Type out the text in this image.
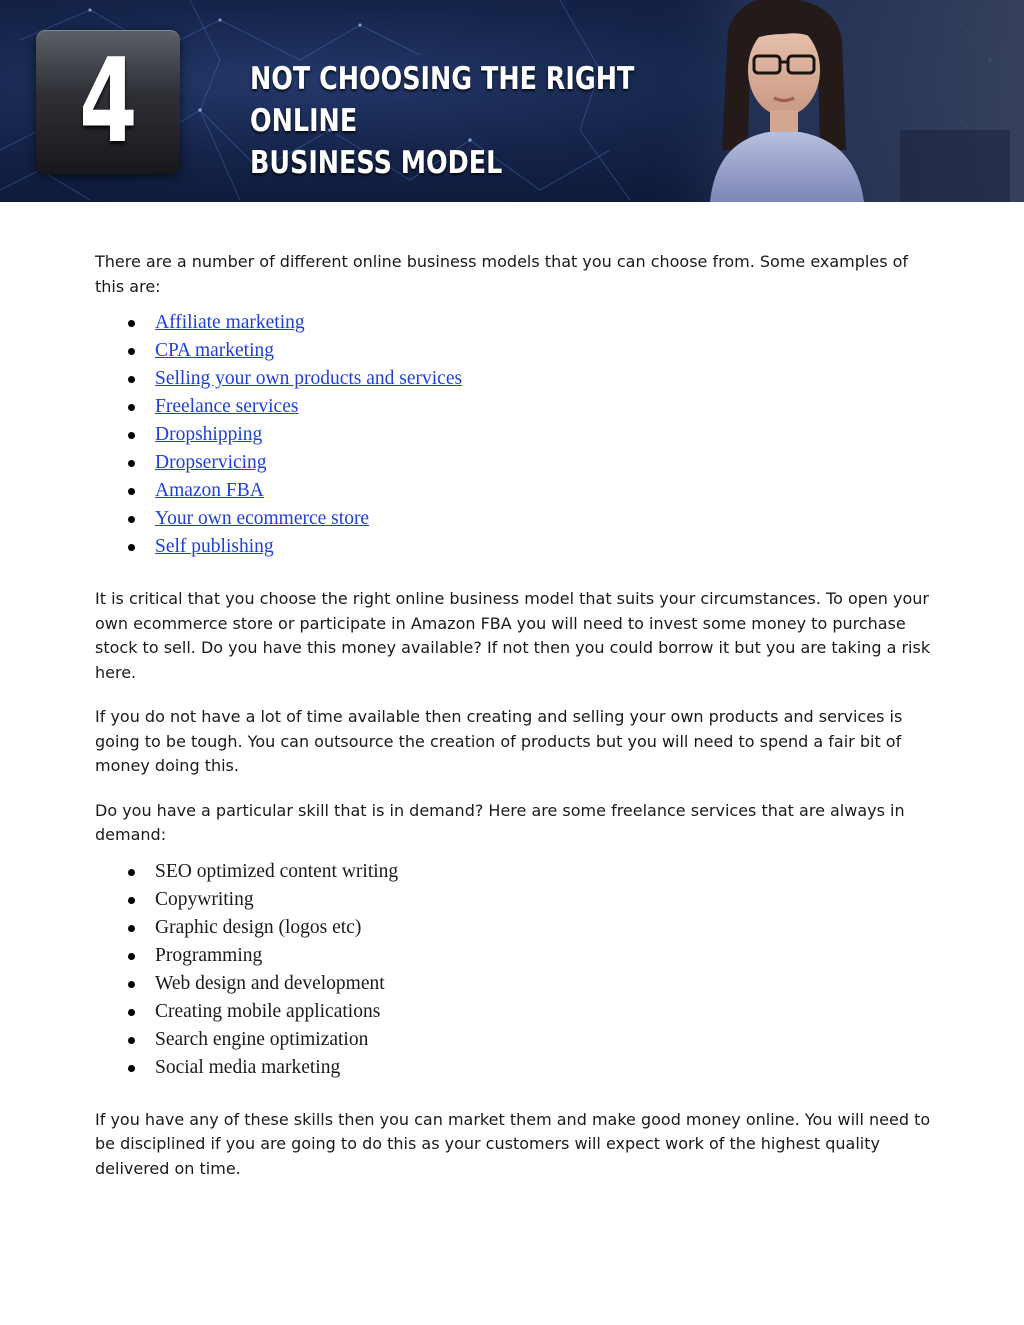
4	NOT CHOOSING THE RIGHT ONLINE
BUSINESS MODEL

There are a number of different online business models that you can choose from. Some examples of this are:

Affiliate marketing
CPA marketing
Selling your own products and services
Freelance services
Dropshipping
Dropservicing
Amazon FBA
Your own ecommerce store
Self publishing

It is critical that you choose the right online business model that suits your circumstances. To open your own ecommerce store or participate in Amazon FBA you will need to invest some money to purchase stock to sell. Do you have this money available? If not then you could borrow it but you are taking a risk here.

If you do not have a lot of time available then creating and selling your own products and services is going to be tough. You can outsource the creation of products but you will need to spend a fair bit of money doing this.

Do you have a particular skill that is in demand? Here are some freelance services that are always in demand:

SEO optimized content writing
Copywriting
Graphic design (logos etc)
Programming
Web design and development
Creating mobile applications
Search engine optimization
Social media marketing

If you have any of these skills then you can market them and make good money online. You will need to be disciplined if you are going to do this as your customers will expect work of the highest quality delivered on time.
